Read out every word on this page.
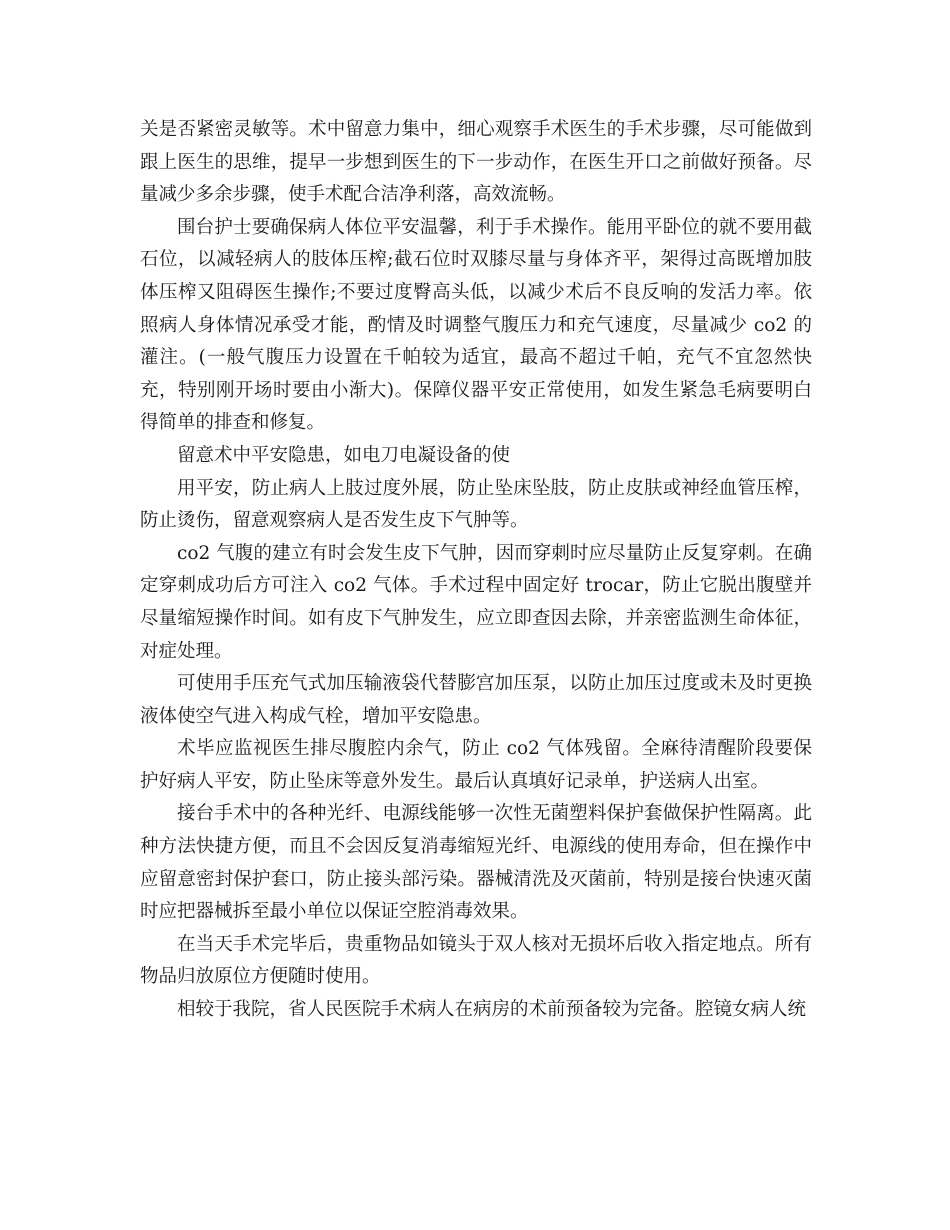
关是否紧密灵敏等。术中留意力集中，细心观察手术医生的手术步骤，尽可能做到跟上医生的思维，提早一步想到医生的下一步动作，在医生开口之前做好预备。尽量减少多余步骤，使手术配合洁净利落，高效流畅。

围台护士要确保病人体位平安温馨，利于手术操作。能用平卧位的就不要用截石位，以减轻病人的肢体压榨;截石位时双膝尽量与身体齐平，架得过高既增加肢体压榨又阻碍医生操作;不要过度臀高头低，以减少术后不良反响的发活力率。依照病人身体情况承受才能，酌情及时调整气腹压力和充气速度，尽量减少 co2 的灌注。(一般气腹压力设置在千帕较为适宜，最高不超过千帕，充气不宜忽然快充，特别刚开场时要由小渐大)。保障仪器平安正常使用，如发生紧急毛病要明白得简单的排查和修复。

留意术中平安隐患，如电刀电凝设备的使

用平安，防止病人上肢过度外展，防止坠床坠肢，防止皮肤或神经血管压榨，防止烫伤，留意观察病人是否发生皮下气肿等。

co2 气腹的建立有时会发生皮下气肿，因而穿刺时应尽量防止反复穿刺。在确定穿刺成功后方可注入 co2 气体。手术过程中固定好 trocar，防止它脱出腹壁并尽量缩短操作时间。如有皮下气肿发生，应立即查因去除，并亲密监测生命体征，对症处理。

可使用手压充气式加压输液袋代替膨宫加压泵，以防止加压过度或未及时更换液体使空气进入构成气栓，增加平安隐患。

术毕应监视医生排尽腹腔内余气，防止 co2 气体残留。全麻待清醒阶段要保护好病人平安，防止坠床等意外发生。最后认真填好记录单，护送病人出室。

接台手术中的各种光纤、电源线能够一次性无菌塑料保护套做保护性隔离。此种方法快捷方便，而且不会因反复消毒缩短光纤、电源线的使用寿命，但在操作中应留意密封保护套口，防止接头部污染。器械清洗及灭菌前，特别是接台快速灭菌时应把器械拆至最小单位以保证空腔消毒效果。

在当天手术完毕后，贵重物品如镜头于双人核对无损坏后收入指定地点。所有物品归放原位方便随时使用。

相较于我院，省人民医院手术病人在病房的术前预备较为完备。腔镜女病人统
